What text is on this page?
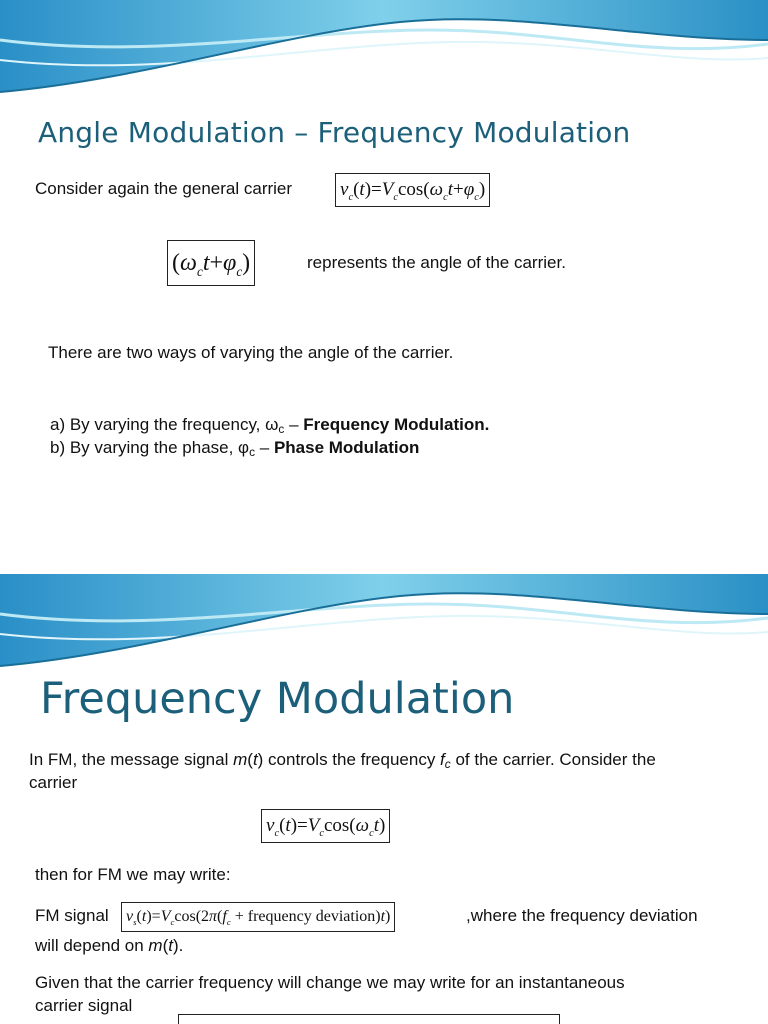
Angle Modulation – Frequency Modulation
Consider again the general carrier	$v_c(t)=V_c\cos(\omega_ct+\varphi_c)$
$(\omega_ct+\varphi_c)$	represents the angle of the carrier.
There are two ways of varying the angle of the carrier.
a) By varying the frequency, $\omega_c$ – Frequency Modulation.
b) By varying the phase, $\varphi_c$ – Phase Modulation
Frequency Modulation
In FM, the message signal m(t) controls the frequency $f_c$ of the carrier. Consider the
carrier
$v_c(t)=V_c\cos(\omega_ct)$
then for FM we may write:
FM signal	$v_s(t)=V_c\cos(2\pi(f_c$ + frequency deviation)t)	,where the frequency deviation
will depend on m(t).
Given that the carrier frequency will change we may write for an instantaneous
carrier signal
